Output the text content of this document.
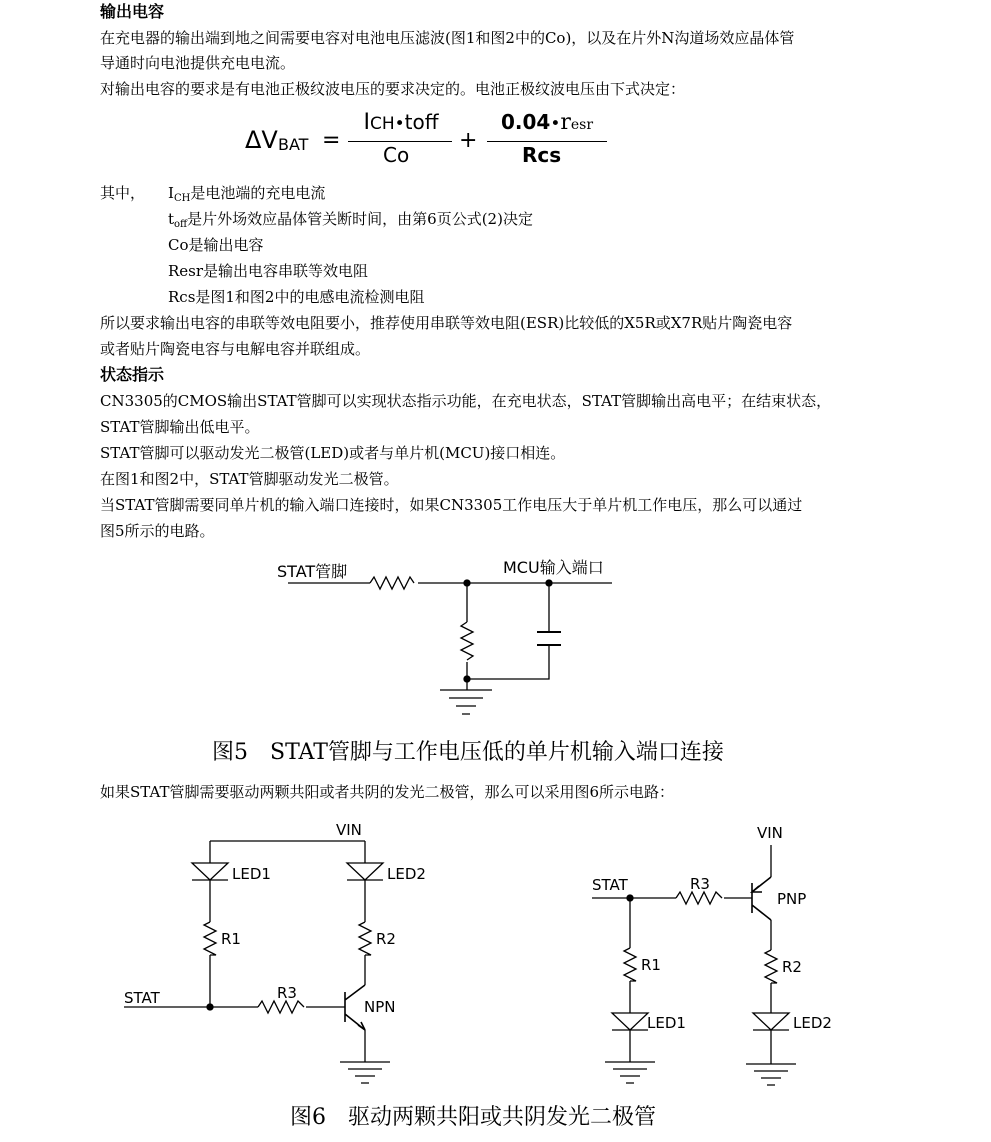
输出电容
在充电器的输出端到地之间需要电容对电池电压滤波(图1和图2中的Co)，以及在片外N沟道场效应晶体管
导通时向电池提供充电电流。
对输出电容的要求是有电池正极纹波电压的要求决定的。电池正极纹波电压由下式决定：
ΔV BAT =
ICH•toff
Co
+
0.04•resr
Rcs
其中， $I_{CH}$是电池端的充电电流
$t_{off}$是片外场效应晶体管关断时间，由第6页公式(2)决定
Co是输出电容
Resr是输出电容串联等效电阻
Rcs是图1和图2中的电感电流检测电阻
所以要求输出电容的串联等效电阻要小，推荐使用串联等效电阻(ESR)比较低的X5R或X7R贴片陶瓷电容
或者贴片陶瓷电容与电解电容并联组成。
状态指示
CN3305的CMOS输出STAT管脚可以实现状态指示功能，在充电状态，STAT管脚输出高电平；在结束状态，
STAT管脚输出低电平。
STAT管脚可以驱动发光二极管(LED)或者与单片机(MCU)接口相连。
在图1和图2中，STAT管脚驱动发光二极管。
当STAT管脚需要同单片机的输入端口连接时，如果CN3305工作电压大于单片机工作电压，那么可以通过
图5所示的电路。
STAT管脚	MCU输入端口
图5　STAT管脚与工作电压低的单片机输入端口连接
如果STAT管脚需要驱动两颗共阳或者共阴的发光二极管，那么可以采用图6所示电路：
VIN
LED1	LED2
R1	R2
STAT	R3
NPN
VIN
STAT	R3
PNP
R2
LED2
R1
LED1
图6　驱动两颗共阳或共阴发光二极管
